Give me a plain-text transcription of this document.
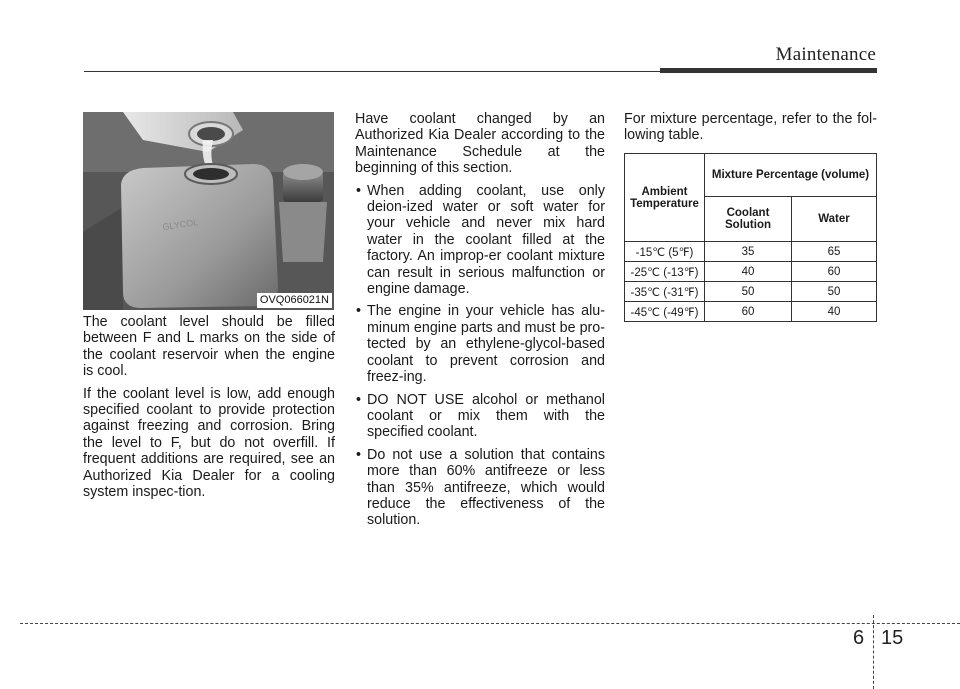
Maintenance
GLYCOL
OVQ066021N

The coolant level should be filled between F and L marks on the side of the coolant reservoir when the engine is cool.

If the coolant level is low, add enough specified coolant to provide protection against freezing and corrosion. Bring the level to F, but do not overfill. If frequent additions are required, see an Authorized Kia Dealer for a cooling system inspec-tion.

Have coolant changed by an Authorized Kia Dealer according to the Maintenance Schedule at the beginning of this section.

• When adding coolant, use only deion-ized water or soft water for your vehicle and never mix hard water in the coolant filled at the factory. An improp-er coolant mixture can result in serious malfunction or engine damage.
• The engine in your vehicle has alu-minum engine parts and must be pro-tected by an ethylene-glycol-based coolant to prevent corrosion and freez-ing.
• DO NOT USE alcohol or methanol coolant or mix them with the specified coolant.
• Do not use a solution that contains more than 60% antifreeze or less than 35% antifreeze, which would reduce the effectiveness of the solution.

For mixture percentage, refer to the fol-lowing table.

Ambient Temperature	Mixture Percentage (volume)	
	Coolant Solution	Water
-15℃ (5℉)	35	65
-25℃ (-13℉)	40	60
-35℃ (-31℉)	50	50
-45℃ (-49℉)	60	40
6 15
